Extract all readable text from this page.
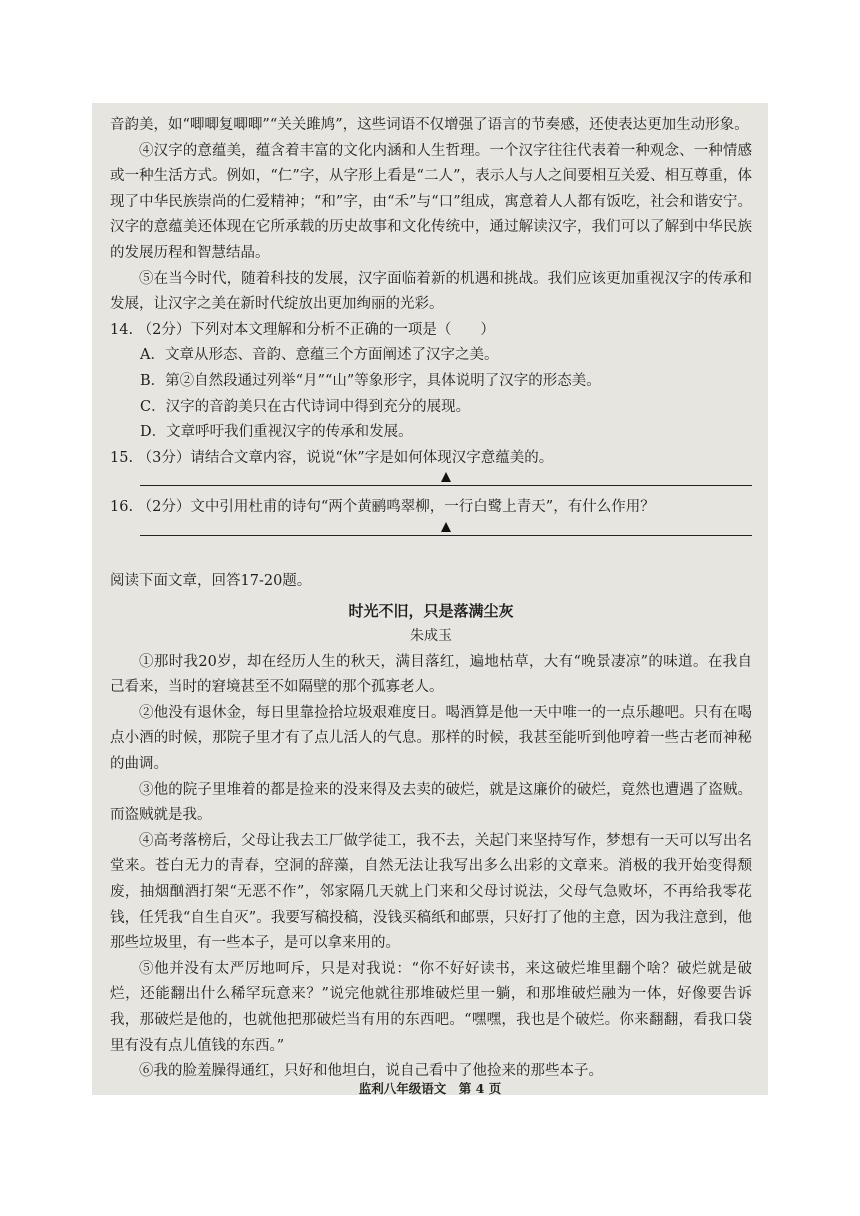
音韵美，如“唧唧复唧唧”“关关雎鸠”，这些词语不仅增强了语言的节奏感，还使表达更加生动形象。

④汉字的意蕴美，蕴含着丰富的文化内涵和人生哲理。一个汉字往往代表着一种观念、一种情感或一种生活方式。例如，“仁”字，从字形上看是“二人”，表示人与人之间要相互关爱、相互尊重，体现了中华民族崇尚的仁爱精神；“和”字，由“禾”与“口”组成，寓意着人人都有饭吃，社会和谐安宁。汉字的意蕴美还体现在它所承载的历史故事和文化传统中，通过解读汉字，我们可以了解到中华民族的发展历程和智慧结晶。

⑤在当今时代，随着科技的发展，汉字面临着新的机遇和挑战。我们应该更加重视汉字的传承和发展，让汉字之美在新时代绽放出更加绚丽的光彩。

14. （2分）下列对本文理解和分析不正确的一项是（　　）

A．文章从形态、音韵、意蕴三个方面阐述了汉字之美。

B．第②自然段通过列举“月”“山”等象形字，具体说明了汉字的形态美。

C．汉字的音韵美只在古代诗词中得到充分的展现。

D．文章呼吁我们重视汉字的传承和发展。

15. （3分）请结合文章内容，说说“休”字是如何体现汉字意蕴美的。

16. （2分）文中引用杜甫的诗句“两个黄鹂鸣翠柳，一行白鹭上青天”，有什么作用？

阅读下面文章，回答17-20题。

时光不旧，只是落满尘灰

朱成玉

①那时我20岁，却在经历人生的秋天，满目落红，遍地枯草，大有“晚景凄凉”的味道。在我自己看来，当时的窘境甚至不如隔壁的那个孤寡老人。

②他没有退休金，每日里靠捡拾垃圾艰难度日。喝酒算是他一天中唯一的一点乐趣吧。只有在喝点小酒的时候，那院子里才有了点儿活人的气息。那样的时候，我甚至能听到他哼着一些古老而神秘的曲调。

③他的院子里堆着的都是捡来的没来得及去卖的破烂，就是这廉价的破烂，竟然也遭遇了盗贼。而盗贼就是我。

④高考落榜后，父母让我去工厂做学徒工，我不去，关起门来坚持写作，梦想有一天可以写出名堂来。苍白无力的青春，空洞的辞藻，自然无法让我写出多么出彩的文章来。消极的我开始变得颓废，抽烟酗酒打架“无恶不作”，邻家隔几天就上门来和父母讨说法，父母气急败坏，不再给我零花钱，任凭我“自生自灭”。我要写稿投稿，没钱买稿纸和邮票，只好打了他的主意，因为我注意到，他那些垃圾里，有一些本子，是可以拿来用的。

⑤他并没有太严厉地呵斥，只是对我说：“你不好好读书，来这破烂堆里翻个啥？破烂就是破烂，还能翻出什么稀罕玩意来？”说完他就往那堆破烂里一躺，和那堆破烂融为一体，好像要告诉我，那破烂是他的，也就他把那破烂当有用的东西吧。“嘿嘿，我也是个破烂。你来翻翻，看我口袋里有没有点儿值钱的东西。”

⑥我的脸羞臊得通红，只好和他坦白，说自己看中了他捡来的那些本子。

监利八年级语文　第 4 页
